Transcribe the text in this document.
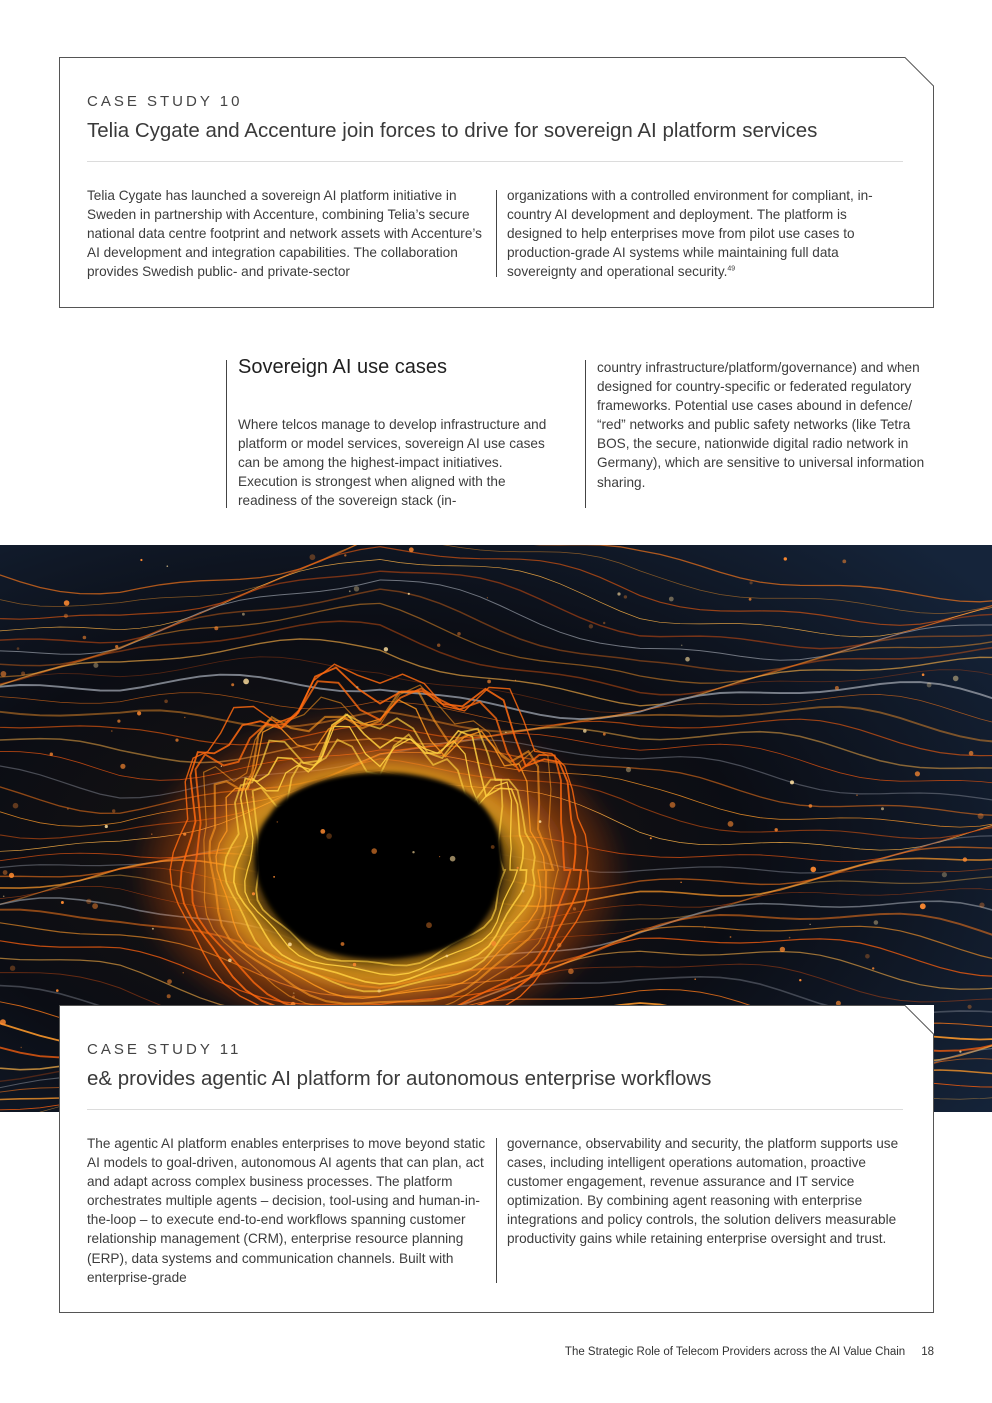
CASE STUDY 10
Telia Cygate and Accenture join forces to drive for sovereign AI platform services

Telia Cygate has launched a sovereign AI platform initiative in Sweden in partnership with Accenture, combining Telia’s secure national data centre footprint and network assets with Accenture’s AI development and integration capabilities. The collaboration provides Swedish public- and private-sector

organizations with a controlled environment for compliant, in-country AI development and deployment. The platform is designed to help enterprises move from pilot use cases to production-grade AI systems while maintaining full data sovereignty and operational security.$^{49}$

Sovereign AI use cases
Where telcos manage to develop infrastructure and platform or model services, sovereign AI use cases can be among the highest-impact initiatives. Execution is strongest when aligned with the readiness of the sovereign stack (in-
country infrastructure/platform/governance) and when designed for country-specific or federated regulatory frameworks. Potential use cases abound in defence/ “red” networks and public safety networks (like Tetra BOS, the secure, nationwide digital radio network in Germany), which are sensitive to universal information sharing.
CASE STUDY 11
e& provides agentic AI platform for autonomous enterprise workflows

The agentic AI platform enables enterprises to move beyond static AI models to goal-driven, autonomous AI agents that can plan, act and adapt across complex business processes. The platform orchestrates multiple agents – decision, tool-using and human-in-the-loop – to execute end-to-end workflows spanning customer relationship management (CRM), enterprise resource planning (ERP), data systems and communication channels. Built with enterprise-grade

governance, observability and security, the platform supports use cases, including intelligent operations automation, proactive customer engagement, revenue assurance and IT service optimization. By combining agent reasoning with enterprise integrations and policy controls, the solution delivers measurable productivity gains while retaining enterprise oversight and trust.

The Strategic Role of Telecom Providers across the AI Value Chain 18
